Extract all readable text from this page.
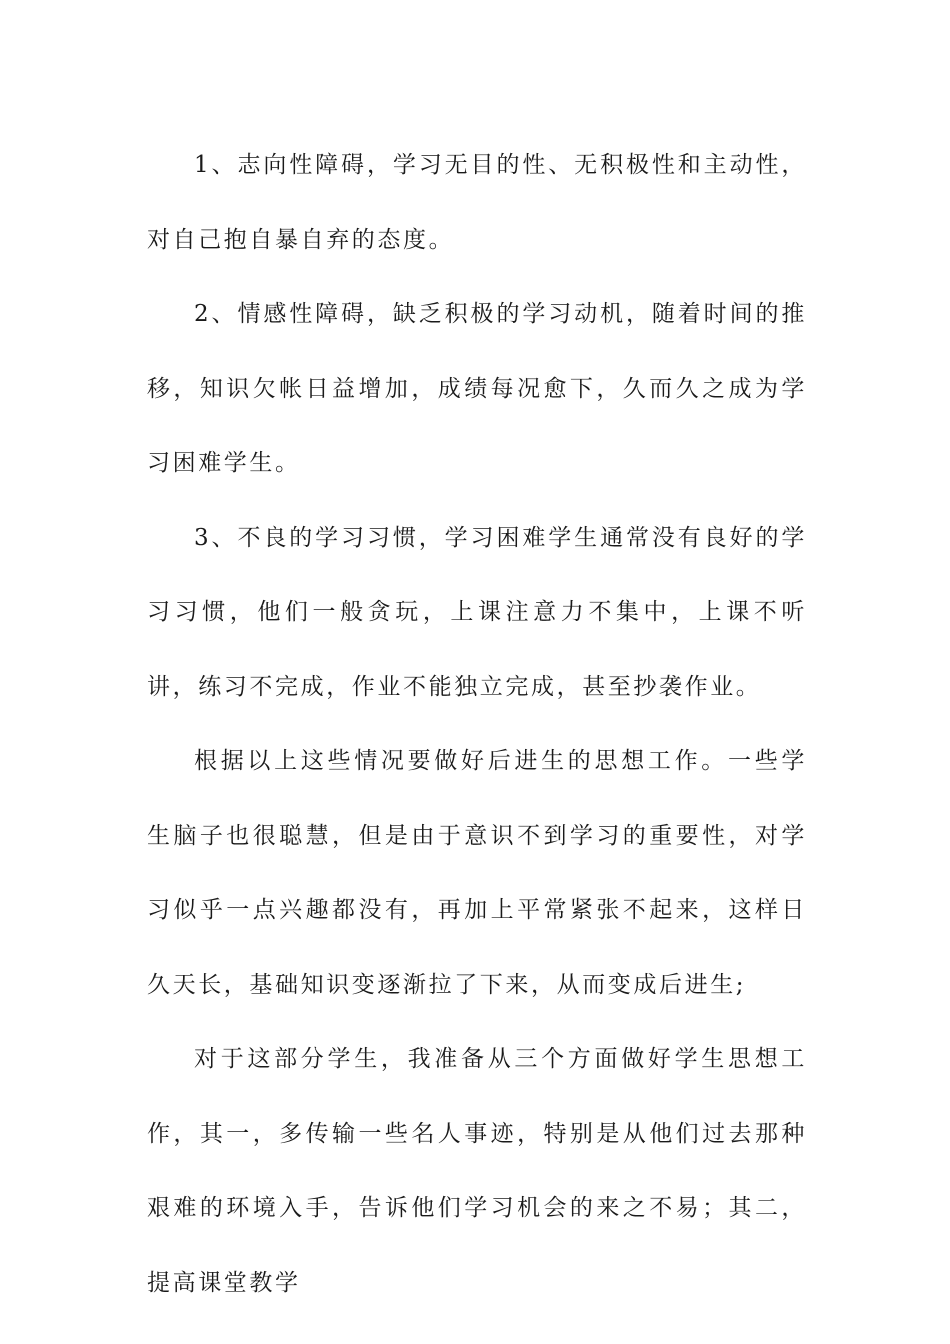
1、志向性障碍，学习无目的性、无积极性和主动性，对自己抱自暴自弃的态度。

2、情感性障碍，缺乏积极的学习动机，随着时间的推移，知识欠帐日益增加，成绩每况愈下，久而久之成为学习困难学生。

3、不良的学习习惯，学习困难学生通常没有良好的学习习惯，他们一般贪玩，上课注意力不集中，上课不听讲，练习不完成，作业不能独立完成，甚至抄袭作业。

根据以上这些情况要做好后进生的思想工作。一些学生脑子也很聪慧，但是由于意识不到学习的重要性，对学习似乎一点兴趣都没有，再加上平常紧张不起来，这样日久天长，基础知识变逐渐拉了下来，从而变成后进生;

对于这部分学生，我准备从三个方面做好学生思想工作，其一，多传输一些名人事迹，特别是从他们过去那种艰难的环境入手，告诉他们学习机会的来之不易；其二，提高课堂教学
